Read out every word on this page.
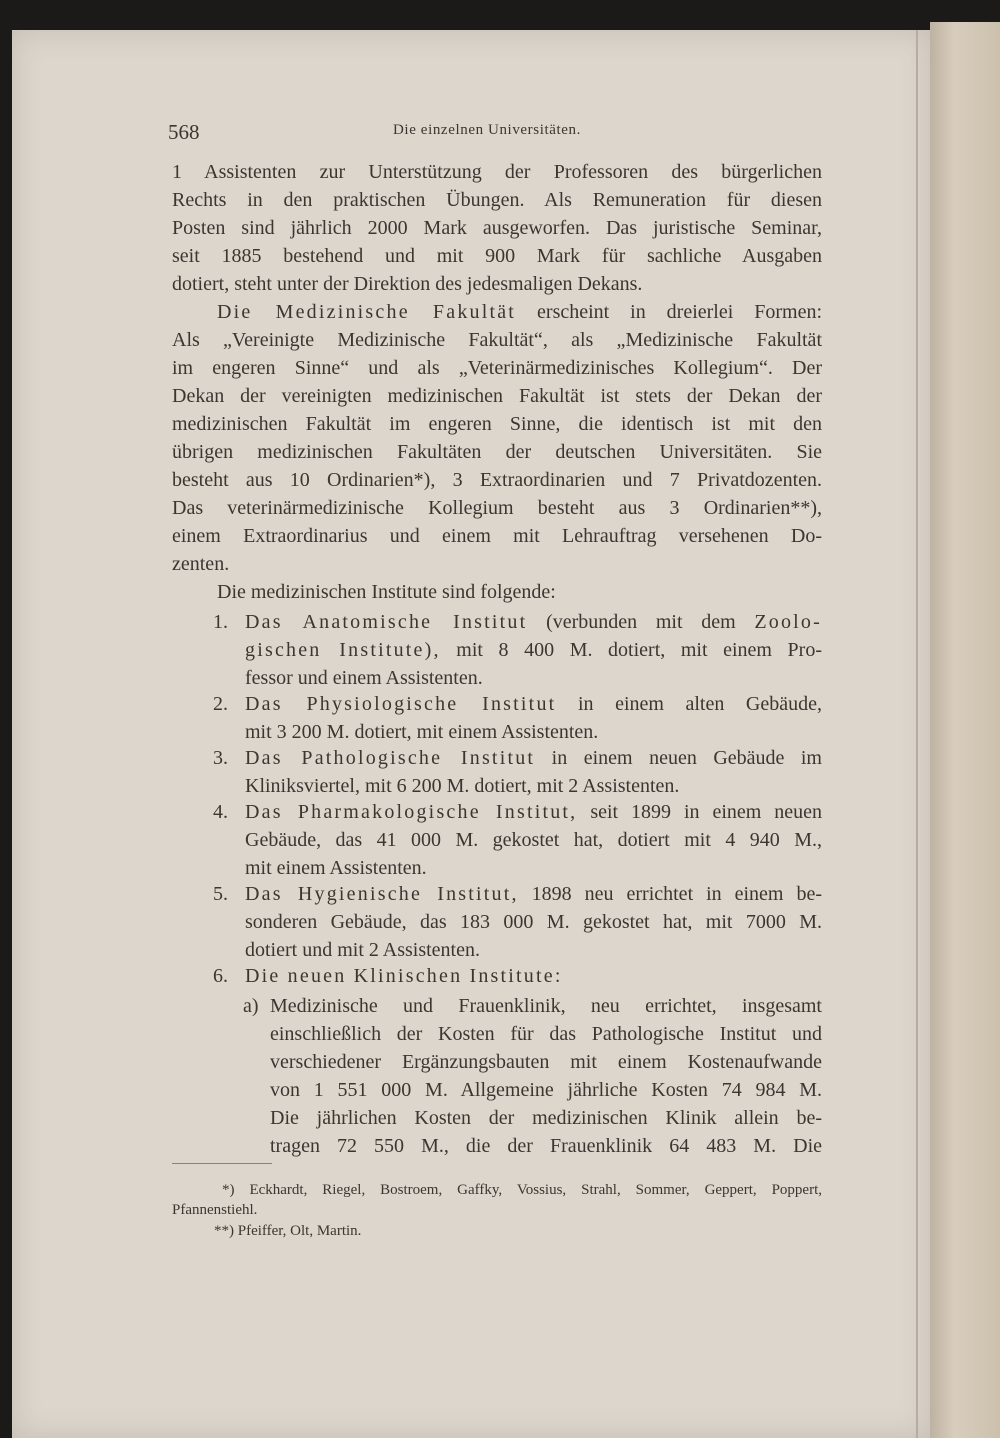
568	Die einzelnen Universitäten.
1 Assistenten zur Unterstützung der Professoren des bürgerlichen
Rechts in den praktischen Übungen. Als Remuneration für diesen
Posten sind jährlich 2000 Mark ausgeworfen. Das juristische Seminar,
seit 1885 bestehend und mit 900 Mark für sachliche Ausgaben
dotiert, steht unter der Direktion des jedesmaligen Dekans.
Die Medizinische Fakultät erscheint in dreierlei Formen:
Als „Vereinigte Medizinische Fakultät“, als „Medizinische Fakultät
im engeren Sinne“ und als „Veterinärmedizinisches Kollegium“. Der
Dekan der vereinigten medizinischen Fakultät ist stets der Dekan der
medizinischen Fakultät im engeren Sinne, die identisch ist mit den
übrigen medizinischen Fakultäten der deutschen Universitäten. Sie
besteht aus 10 Ordinarien*), 3 Extraordinarien und 7 Privatdozenten.
Das veterinärmedizinische Kollegium besteht aus 3 Ordinarien**),
einem Extraordinarius und einem mit Lehrauftrag versehenen Do-
zenten.
Die medizinischen Institute sind folgende:
1. Das Anatomische Institut (verbunden mit dem Zoolo-
gischen Institute), mit 8 400 M. dotiert, mit einem Pro-
fessor und einem Assistenten.
2. Das Physiologische Institut in einem alten Gebäude,
mit 3 200 M. dotiert, mit einem Assistenten.
3. Das Pathologische Institut in einem neuen Gebäude im
Kliniksviertel, mit 6 200 M. dotiert, mit 2 Assistenten.
4. Das Pharmakologische Institut, seit 1899 in einem neuen
Gebäude, das 41 000 M. gekostet hat, dotiert mit 4 940 M.,
mit einem Assistenten.
5. Das Hygienische Institut, 1898 neu errichtet in einem be-
sonderen Gebäude, das 183 000 M. gekostet hat, mit 7000 M.
dotiert und mit 2 Assistenten.
6. Die neuen Klinischen Institute:
a) Medizinische und Frauenklinik, neu errichtet, insgesamt
einschließlich der Kosten für das Pathologische Institut und
verschiedener Ergänzungsbauten mit einem Kostenaufwande
von 1 551 000 M. Allgemeine jährliche Kosten 74 984 M.
Die jährlichen Kosten der medizinischen Klinik allein be-
tragen 72 550 M., die der Frauenklinik 64 483 M. Die
*) Eckhardt, Riegel, Bostroem, Gaffky, Vossius, Strahl, Sommer, Geppert, Poppert,
Pfannenstiehl.
**) Pfeiffer, Olt, Martin.
